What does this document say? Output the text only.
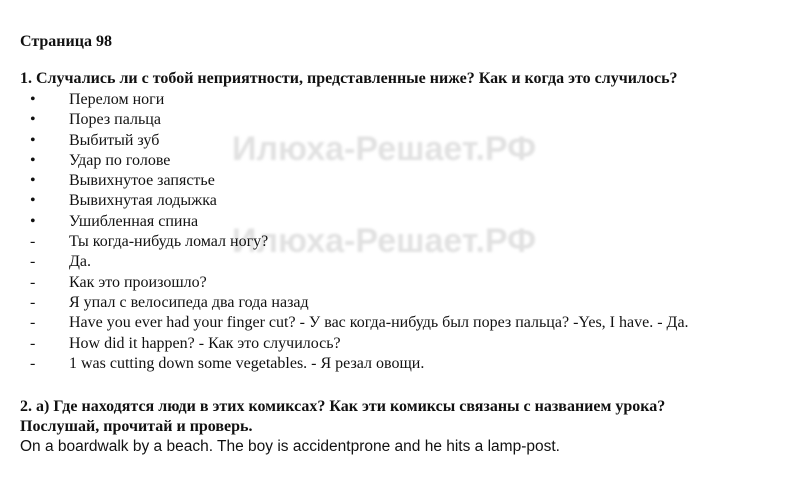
Илюха-Решает.РФ
Илюха-Решает.РФ
Страница 98
1. Случались ли с тобой неприятности, представленные ниже? Как и когда это случилось?
•	Перелом ноги
•	Порез пальца
•	Выбитый зуб
•	Удар по голове
•	Вывихнутое запястье
•	Вывихнутая лодыжка
•	Ушибленная спина
-	Ты когда-нибудь ломал ногу?
-	Да.
-	Как это произошло?
-	Я упал с велосипеда два года назад
-	Have you ever had your finger cut? - У вас когда-нибудь был порез пальца? -Yes, I have. - Да.
-	How did it happen? - Как это случилось?
-	1 was cutting down some vegetables. - Я резал овощи.
2. а) Где находятся люди в этих комиксах? Как эти комиксы связаны с названием урока?
Послушай, прочитай и проверь.
On a boardwalk by a beach. The boy is accidentprone and he hits a lamp-post.
